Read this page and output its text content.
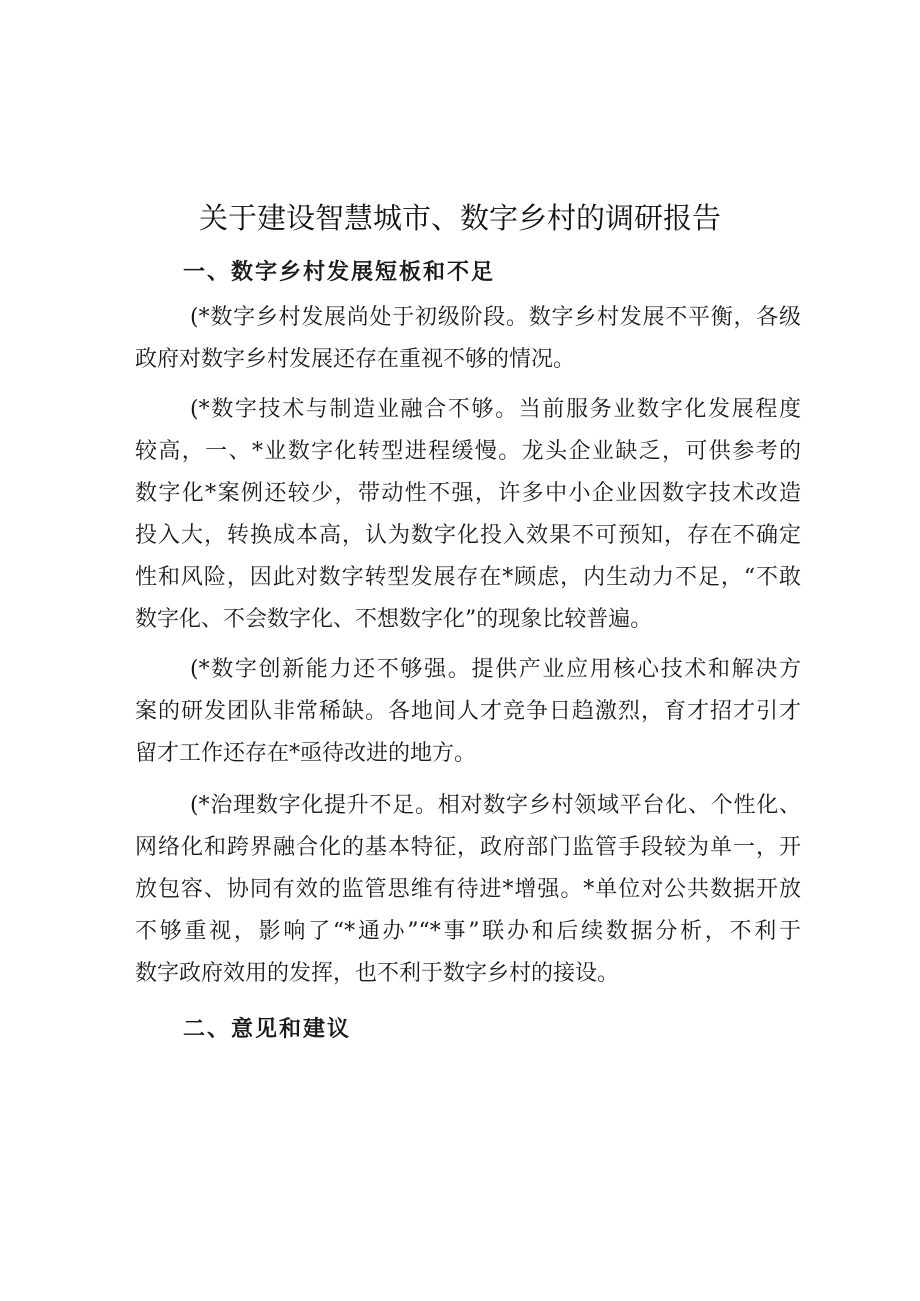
关于建设智慧城市、数字乡村的调研报告
一、数字乡村发展短板和不足

(*数字乡村发展尚处于初级阶段。数字乡村发展不平衡，各级
政府对数字乡村发展还存在重视不够的情况。

(*数字技术与制造业融合不够。当前服务业数字化发展程度
较高，一、*业数字化转型进程缓慢。龙头企业缺乏，可供参考的
数字化*案例还较少，带动性不强，许多中小企业因数字技术改造
投入大，转换成本高，认为数字化投入效果不可预知，存在不确定
性和风险，因此对数字转型发展存在*顾虑，内生动力不足，“不敢
数字化、不会数字化、不想数字化”的现象比较普遍。

(*数字创新能力还不够强。提供产业应用核心技术和解决方
案的研发团队非常稀缺。各地间人才竞争日趋激烈，育才招才引才
留才工作还存在*亟待改进的地方。

(*治理数字化提升不足。相对数字乡村领域平台化、个性化、
网络化和跨界融合化的基本特征，政府部门监管手段较为单一，开
放包容、协同有效的监管思维有待进*增强。*单位对公共数据开放
不够重视，影响了“*通办”“*事”联办和后续数据分析，不利于
数字政府效用的发挥，也不利于数字乡村的接设。

二、意见和建议
